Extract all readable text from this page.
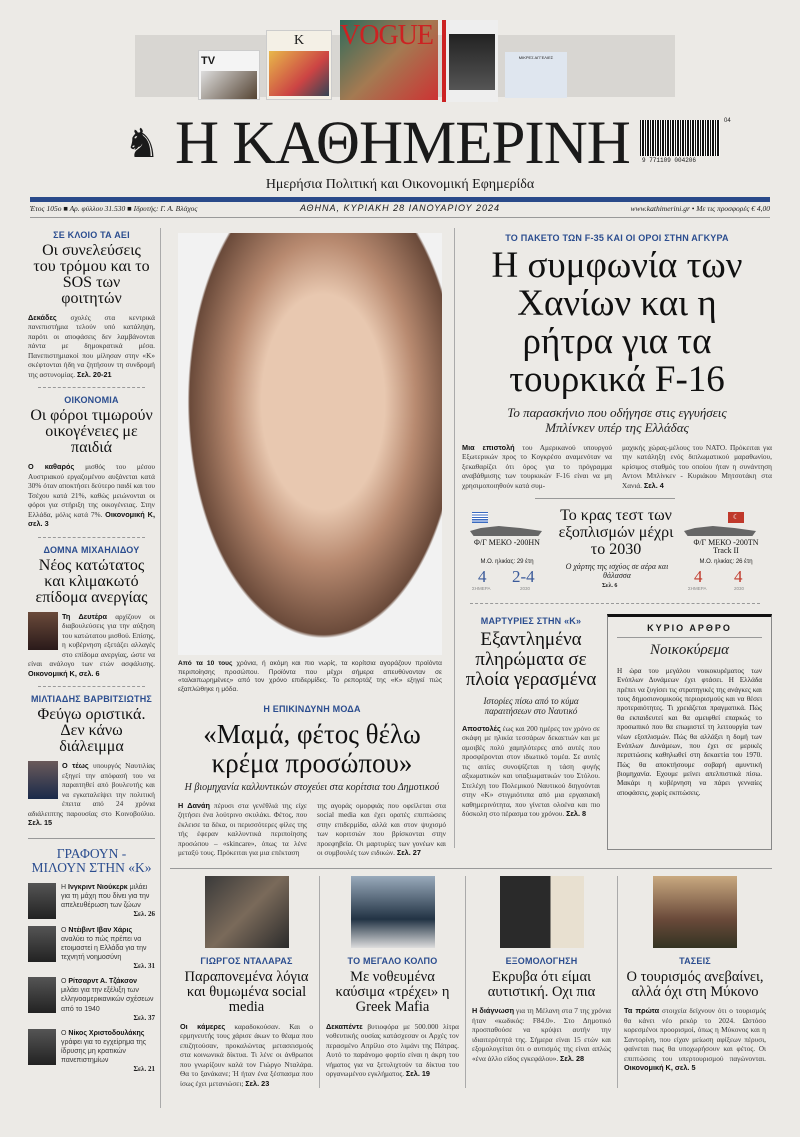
TV
K	VOGUE
ΜΙΚΡΕΣ ΑΓΓΕΛΙΕΣ
♞ Η ΚΑΘΗΜΕΡΙΝΗ	9 771109 004206
04
Ημερήσια Πολιτική και Οικονομική Εφημερίδα
Έτος 105ο ■ Αρ. φύλλου 31.530 ■ Ιδρυτής: Γ. Α. Βλάχος	ΑΘΗΝΑ, ΚΥΡΙΑΚΗ 28 ΙΑΝΟΥΑΡΙΟΥ 2024	www.kathimerini.gr • Με τις προσφορές € 4,00
ΣΕ ΚΛΟΙΟ ΤΑ ΑΕΙ
Οι συνελεύσεις του τρόμου και το SOS των φοιτητών
Δεκάδες σχολές στα κεντρικά πανεπιστήμια τελούν υπό κατάληψη, παρότι οι αποφάσεις δεν λαμβάνονται πάντα με δημοκρατικά μέσα. Πανεπιστημιακοί που μίλησαν στην «Κ» σκέφτονται ήδη να ζητήσουν τη συνδρομή της αστυνομίας. Σελ. 20-21
ΟΙΚΟΝΟΜΙΑ
Οι φόροι τιμωρούν οικογένειες με παιδιά
Ο καθαρός μισθός του μέσου Αυστριακού εργαζομένου αυξάνεται κατά 30% όταν αποκτήσει δεύτερο παιδί και του Τσέχου κατά 21%, καθώς μειώνονται οι φόροι για στήριξη της οικογένειας. Στην Ελλάδα, μόλις κατά 7%. Οικονομική Κ, σελ. 3
ΔΟΜΝΑ ΜΙΧΑΗΛΙΔΟΥ
Νέος κατώτατος και κλιμακωτό επίδομα ανεργίας
Τη Δευτέρα αρχίζουν οι διαβουλεύσεις για την αύξηση του κατώτατου μισθού. Επίσης, η κυβέρνηση εξετάζει αλλαγές στο επίδομα ανεργίας, ώστε να είναι ανάλογο των ετών ασφάλισης. Οικονομική Κ, σελ. 6
ΜΙΛΤΙΑΔΗΣ ΒΑΡΒΙΤΣΙΩΤΗΣ
Φεύγω οριστικά. Δεν κάνω διάλειμμα
Ο τέως υπουργός Ναυτιλίας εξηγεί την απόφασή του να παραιτηθεί από βουλευτής και να εγκαταλείψει την πολιτική έπειτα από 24 χρόνια αδιάλειπτης παρουσίας στο Κοινοβούλιο. Σελ. 15
ΓΡΑΦΟΥΝ - ΜΙΛΟΥΝ ΣΤΗΝ «Κ»
Η Ινγκριντ Νιούκερκ μιλάει για τη μάχη που δίνει για την απελευθέρωση των ζώων
Σελ. 26
Ο Ντέιβιντ Ιβαν Χάρις αναλύει το πώς πρέπει να ετοιμαστεί η Ελλάδα για την τεχνητή νοημοσύνη
Σελ. 31
Ο Ρίτσαρντ Α. Τζάκσον μιλάει για την εξέλιξη των ελληνοαμερικανικών σχέσεων από το 1940
Σελ. 37
Ο Νίκος Χριστοδουλάκης γράφει για το εγχείρημα της ίδρυσης μη κρατικών πανεπιστημίων
Σελ. 21
Από τα 10 τους χρόνια, ή ακόμη και πιο νωρίς, τα κορίτσια αγοράζουν προϊόντα περιποίησης προσώπου. Προϊόντα που μέχρι σήμερα απευθύνονταν σε «ταλαιπωρημένες» από τον χρόνο επιδερμίδες. Το ρεπορτάζ της «Κ» εξηγεί πώς εξαπλώθηκε η μόδα.
Η ΕΠΙΚΙΝΔΥΝΗ ΜΟΔΑ
«Μαμά, φέτος θέλω κρέμα προσώπου»
Η βιομηχανία καλλυντικών στοχεύει στα κορίτσια του Δημοτικού
Η Δανάη πέρυσι στα γενέθλιά της είχε ζητήσει ένα λούτρινο σκυλάκι. Φέτος, που έκλεισε τα δέκα, οι περισσότερες φίλες της τής έφεραν καλλυντικά περιποίησης προσώπου – «skincare», όπως τα λένε μεταξύ τους. Πρόκειται για μια επέκταση
της αγοράς ομορφιάς που οφείλεται στα social media και έχει ορατές επιπτώσεις στην επιδερμίδα, αλλά και στον ψυχισμό των κοριτσιών που βρίσκονται στην προεφηβεία. Οι μαρτυρίες των γονέων και οι συμβουλές των ειδικών. Σελ. 27
ΤΟ ΠΑΚΕΤΟ ΤΩΝ F-35 ΚΑΙ ΟΙ ΟΡΟΙ ΣΤΗΝ ΑΓΚΥΡΑ
Η συμφωνία των Χανίων και η ρήτρα για τα τουρκικά F-16
Το παρασκήνιο που οδήγησε στις εγγυήσεις Μπλίνκεν υπέρ της Ελλάδας
Μια επιστολή του Αμερικανού υπουργού Εξωτερικών προς το Κογκρέσο αναμενόταν να ξεκαθαρίζει ότι όρος για το πρόγραμμα αναβάθμισης των τουρκικών F-16 είναι να μη χρησιμοποιηθούν κατά συμ-
μαχικής χώρας-μέλους του ΝΑΤΟ. Πρόκειται για την κατάληξη ενός διπλωματικού μαραθωνίου, κρίσιμος σταθμός του οποίου ήταν η συνάντηση Αντονι Μπλίνκεν - Κυριάκου Μητσοτάκη στα Χανιά. Σελ. 4
Φ/Γ ΜΕΚΟ -200HN
Μ.Ο. ηλικίας: 29 έτη
4 2-4
ΣΗΜΕΡΑ	2030
Το κρας τεστ των εξοπλισμών μέχρι το 2030
Ο χάρτης της ισχύος σε αέρα και θάλασσα
Σελ. 6
☾
Φ/Γ ΜΕΚΟ -200TN Track II
Μ.Ο. ηλικίας: 26 έτη
4 4
ΣΗΜΕΡΑ	2030
ΜΑΡΤΥΡΙΕΣ ΣΤΗΝ «Κ»
Εξαντλημένα πληρώματα σε πλοία γερασμένα
Ιστορίες πίσω από το κύμα παραιτήσεων στο Ναυτικό
Αποστολές έως και 200 ημέρες τον χρόνο σε σκάφη με ηλικία τεσσάρων δεκαετιών και με αμοιβές πολύ χαμηλότερες από αυτές που προσφέρονται στον ιδιωτικό τομέα. Σε αυτές τις αιτίες συνοψίζεται η τάση φυγής αξιωματικών και υπαξιωματικών του Στόλου. Στελέχη του Πολεμικού Ναυτικού διηγούνται στην «Κ» στιγμιότυπα από μια εργασιακή καθημερινότητα, που γίνεται ολοένα και πιο δύσκολη στο πέρασμα του χρόνου. Σελ. 8
ΚΥΡΙΟ ΑΡΘΡΟ
Νοικοκύρεμα
Η ώρα του μεγάλου νοικοκυρέματος των Ενόπλων Δυνάμεων έχει φτάσει. Η Ελλάδα πρέπει να ζυγίσει τις στρατηγικές της ανάγκες και τους δημοσιονομικούς περιορισμούς και να θέσει προτεραιότητες. Τι χρειάζεται πραγματικά. Πώς θα εκπαιδευτεί και θα αμειφθεί επαρκώς το προσωπικό που θα επωμιστεί τη λειτουργία των νέων εξοπλισμών. Πώς θα αλλάξει η δομή των Ενόπλων Δυνάμεων, που έχει σε μερικές περιπτώσεις καθηλωθεί στη δεκαετία του 1970. Πώς θα αποκτήσουμε σοβαρή αμυντική βιομηχανία. Εχουμε μείνει απελπιστικά πίσω. Μακάρι η κυβέρνηση να πάρει γενναίες αποφάσεις, χωρίς εκπτώσεις.
ΓΙΩΡΓΟΣ ΝΤΑΛΑΡΑΣ
Παραπονεμένα λόγια και θυμωμένα social media
Οι κάμερες καραδοκούσαν. Και ο ερμηνευτής τους χάρισε άκων το θέαμα που επιζητούσαν, προκαλώντας μετασεισμούς στα κοινωνικά δίκτυα. Τι λένε οι άνθρωποι που γνωρίζουν καλά τον Γιώργο Νταλάρα. Θα το ξανάκανε; Ή ήταν ένα ξέσπασμα που ίσως έχει μετανιώσει; Σελ. 23
ΤΟ ΜΕΓΑΛΟ ΚΟΛΠΟ
Με νοθευμένα καύσιμα «τρέχει» η Greek Mafia
Δεκαπέντε βυτιοφόρα με 500.000 λίτρα νοθευτικής ουσίας κατάσχεσαν οι Αρχές τον περασμένο Απρίλιο στο λιμάνι της Πάτρας. Αυτό το παράνομο φορτίο είναι η άκρη του νήματος για να ξετυλιχτούν τα δίκτυα του οργανωμένου εγκλήματος. Σελ. 19
ΕΞΟΜΟΛΟΓΗΣΗ
Εκρυβα ότι είμαι αυτιστική. Οχι πια
Η διάγνωση για τη Μέλανη στα 7 της χρόνια ήταν «κωδικός: F84.0». Στο Δημοτικό προσπαθούσε να κρύψει αυτήν την ιδιαιτερότητά της. Σήμερα είναι 15 ετών και εξομολογείται ότι ο αυτισμός της είναι απλώς «ένα άλλο είδος εγκεφάλου». Σελ. 28
ΤΑΣΕΙΣ
Ο τουρισμός ανεβαίνει, αλλά όχι στη Μύκονο
Τα πρώτα στοιχεία δείχνουν ότι ο τουρισμός θα κάνει νέο ρεκόρ το 2024. Ωστόσο κορεσμένοι προορισμοί, όπως η Μύκονος και η Σαντορίνη, που είχαν μείωση αφίξεων πέρυσι, φαίνεται πως θα υποχωρήσουν και φέτος. Οι επιπτώσεις του υπερτουρισμού παγώνονται. Οικονομική Κ, σελ. 5
